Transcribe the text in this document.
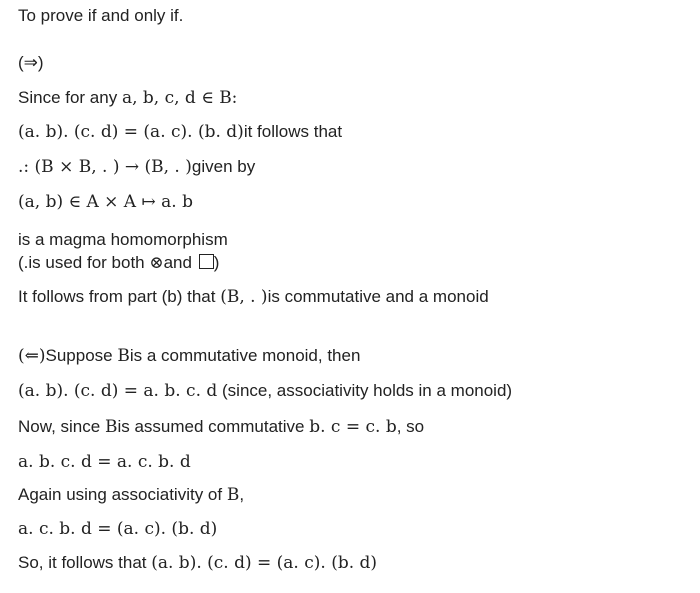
To prove if and only if.
(⇒)
Since for any a, b, c, d ∈ B:
(a. b). (c. d) = (a. c). (b. d)it follows that
.: (B × B, . ) → (B, . )given by
(a, b) ∈ A × A ↦ a. b
is a magma homomorphism
(.is used for both ⊗and )
It follows from part (b) that (B, . )is commutative and a monoid
(⇐)Suppose Bis a commutative monoid, then
(a. b). (c. d) = a. b. c. d (since, associativity holds in a monoid)
Now, since Bis assumed commutative b. c = c. b, so
a. b. c. d = a. c. b. d
Again using associativity of B,
a. c. b. d = (a. c). (b. d)
So, it follows that (a. b). (c. d) = (a. c). (b. d)
